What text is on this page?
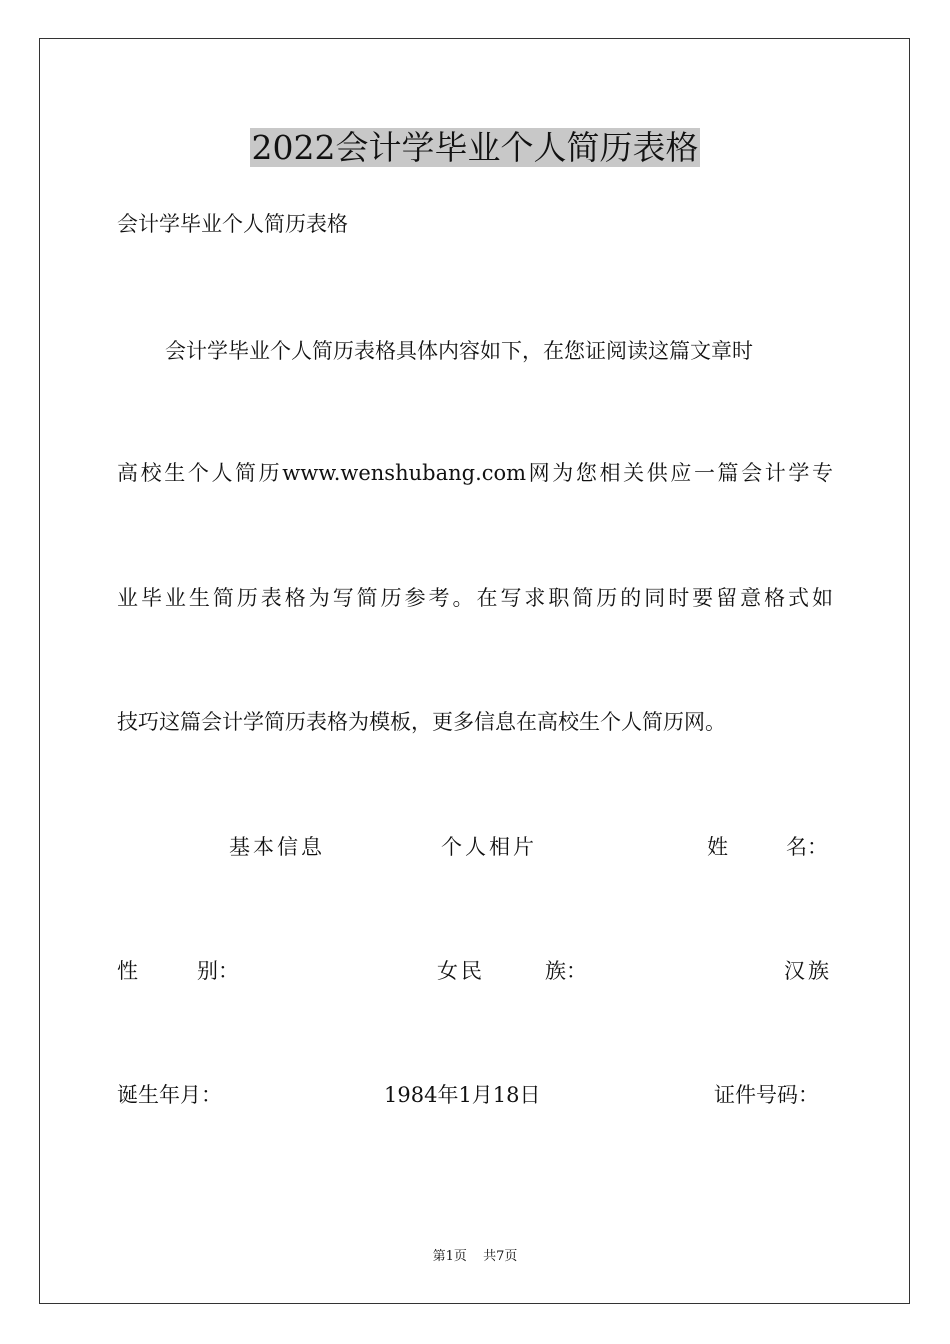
2022会计学毕业个人简历表格
会计学毕业个人简历表格
会计学毕业个人简历表格具体内容如下，在您证阅读这篇文章时
高校生个人简历www.wenshubang.com网为您相关供应一篇会计学专
业毕业生简历表格为写简历参考。在写求职简历的同时要留意格式如
技巧这篇会计学简历表格为模板，更多信息在高校生个人简历网。
基本信息	个人相片	姓	名：
性	别：	女民	族：	汉族
诞生年月：	1984年1月18日	证件号码：
第1页 共7页
